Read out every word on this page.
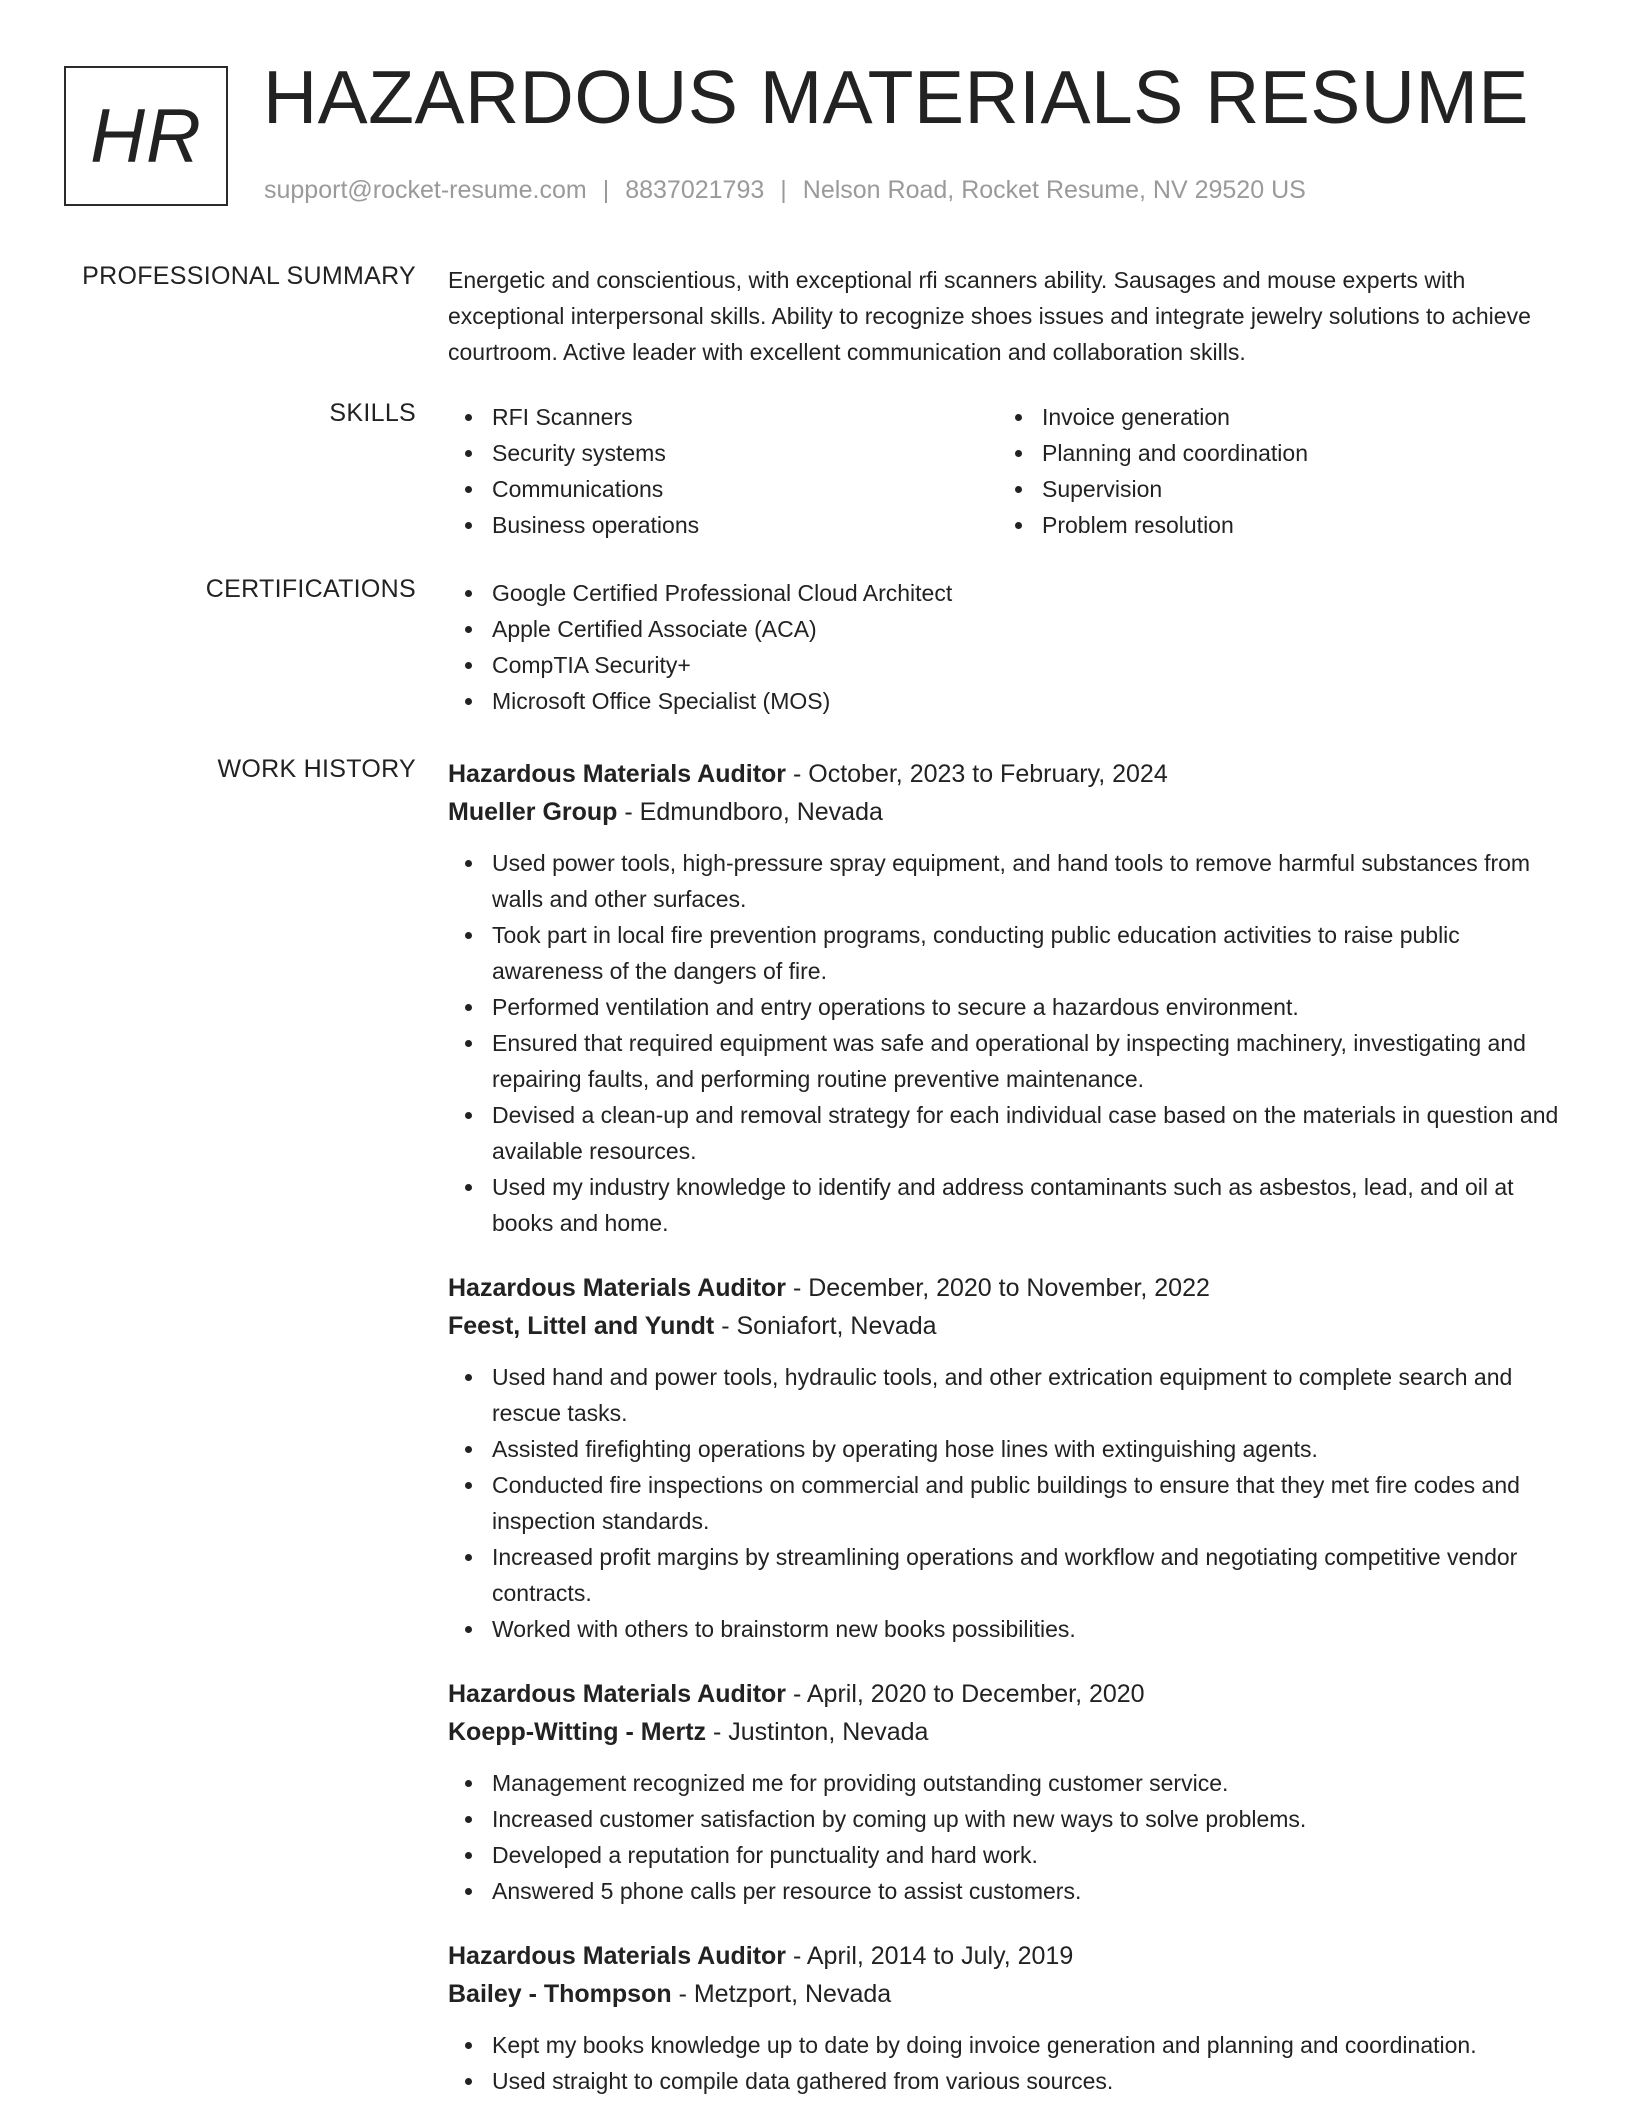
HR HAZARDOUS MATERIALS RESUME
support@rocket-resume.com | 8837021793 | Nelson Road, Rocket Resume, NV 29520 US
PROFESSIONAL SUMMARY Energetic and conscientious, with exceptional rfi scanners ability. Sausages and mouse experts with exceptional interpersonal skills. Ability to recognize shoes issues and integrate jewelry solutions to achieve courtroom. Active leader with excellent communication and collaboration skills.

SKILLS	RFI Scanners
Security systems
Communications
Business operations
Invoice generation
Planning and coordination
Supervision
Problem resolution
CERTIFICATIONS	Google Certified Professional Cloud Architect
Apple Certified Associate (ACA)
CompTIA Security+
Microsoft Office Specialist (MOS)
WORK HISTORY Hazardous Materials Auditor - October, 2023 to February, 2024
Mueller Group - Edmundboro, Nevada
Used power tools, high-pressure spray equipment, and hand tools to remove harmful substances from walls and other surfaces.
Took part in local fire prevention programs, conducting public education activities to raise public awareness of the dangers of fire.
Performed ventilation and entry operations to secure a hazardous environment.
Ensured that required equipment was safe and operational by inspecting machinery, investigating and repairing faults, and performing routine preventive maintenance.
Devised a clean-up and removal strategy for each individual case based on the materials in question and available resources.
Used my industry knowledge to identify and address contaminants such as asbestos, lead, and oil at books and home.
Hazardous Materials Auditor - December, 2020 to November, 2022
Feest, Littel and Yundt - Soniafort, Nevada
Used hand and power tools, hydraulic tools, and other extrication equipment to complete search and rescue tasks.
Assisted firefighting operations by operating hose lines with extinguishing agents.
Conducted fire inspections on commercial and public buildings to ensure that they met fire codes and inspection standards.
Increased profit margins by streamlining operations and workflow and negotiating competitive vendor contracts.
Worked with others to brainstorm new books possibilities.
Hazardous Materials Auditor - April, 2020 to December, 2020
Koepp-Witting - Mertz - Justinton, Nevada
Management recognized me for providing outstanding customer service.
Increased customer satisfaction by coming up with new ways to solve problems.
Developed a reputation for punctuality and hard work.
Answered 5 phone calls per resource to assist customers.
Hazardous Materials Auditor - April, 2014 to July, 2019
Bailey - Thompson - Metzport, Nevada
Kept my books knowledge up to date by doing invoice generation and planning and coordination.
Used straight to compile data gathered from various sources.
